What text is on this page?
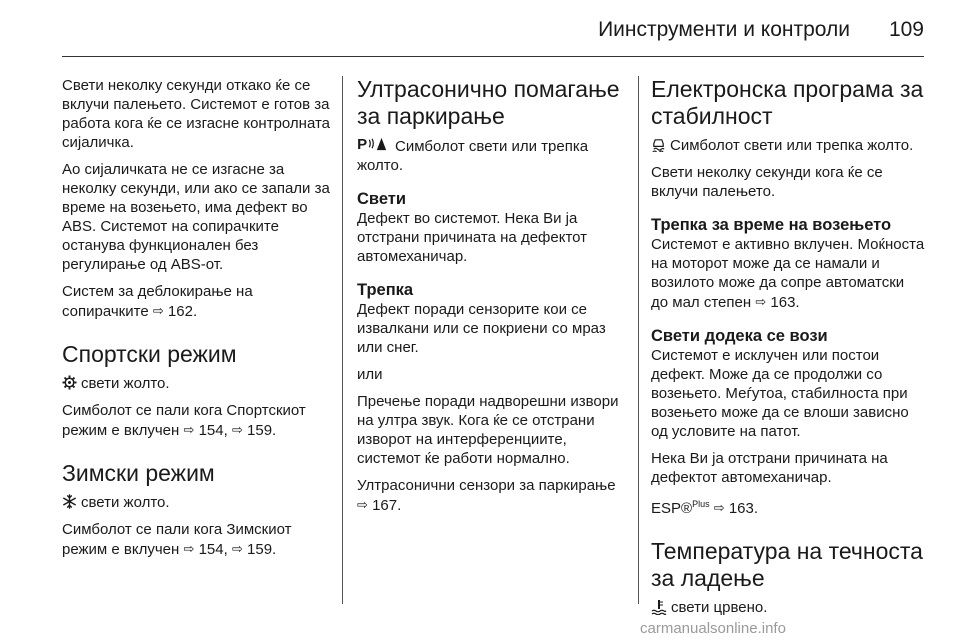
Иинструменти и контроли	109

Свети неколку секунди откако ќе се вклучи палењето. Системот е готов за работа кога ќе се изгасне контролната сијаличка.

Ао сијаличката не се изгасне за неколку секунди, или ако се запали за време на возењето, има дефект во ABS. Системот на сопирачките останува функционален без регулирање од ABS-от.

Систем за деблокирање на сопирачките ⇨ 162.

Спортски режим

свети жолто.

Симболот се пали кога Спортскиот режим е вклучен ⇨ 154, ⇨ 159.

Зимски режим

свети жолто.

Симболот се пали кога Зимскиот режим е вклучен ⇨ 154, ⇨ 159.

Ултрасонично помагање за паркирање

P Симболот свети или трепка жолто.

Свети

Дефект во системот. Нека Ви ја отстрани причината на дефектот автомеханичар.

Трепка

Дефект поради сензорите кои се извалкани или се покриени со мраз или снег.

или

Пречење поради надворешни извори на ултра звук. Кога ќе се отстрани изворот на интерференциите, системот ќе работи нормално.

Ултрасонични сензори за паркирање ⇨ 167.

Електронска програма за стабилност

Симболот свети или трепка жолто.

Свети неколку секунди кога ќе се вклучи палењето.

Трепка за време на возењето

Системот е активно вклучен. Моќноста на моторот може да се намали и возилото може да сопре автоматски до мал степен ⇨ 163.

Свети додека се вози

Системот е исклучен или постои дефект. Може да се продолжи со возењето. Меѓутоа, стабилноста при возењето може да се влоши зависно од условите на патот.

Нека Ви ја отстрани причината на дефектот автомеханичар.

ESP®$^{Plus}$ ⇨ 163.

Температура на течноста за ладење

свети црвено.

carmanualsonline.info
